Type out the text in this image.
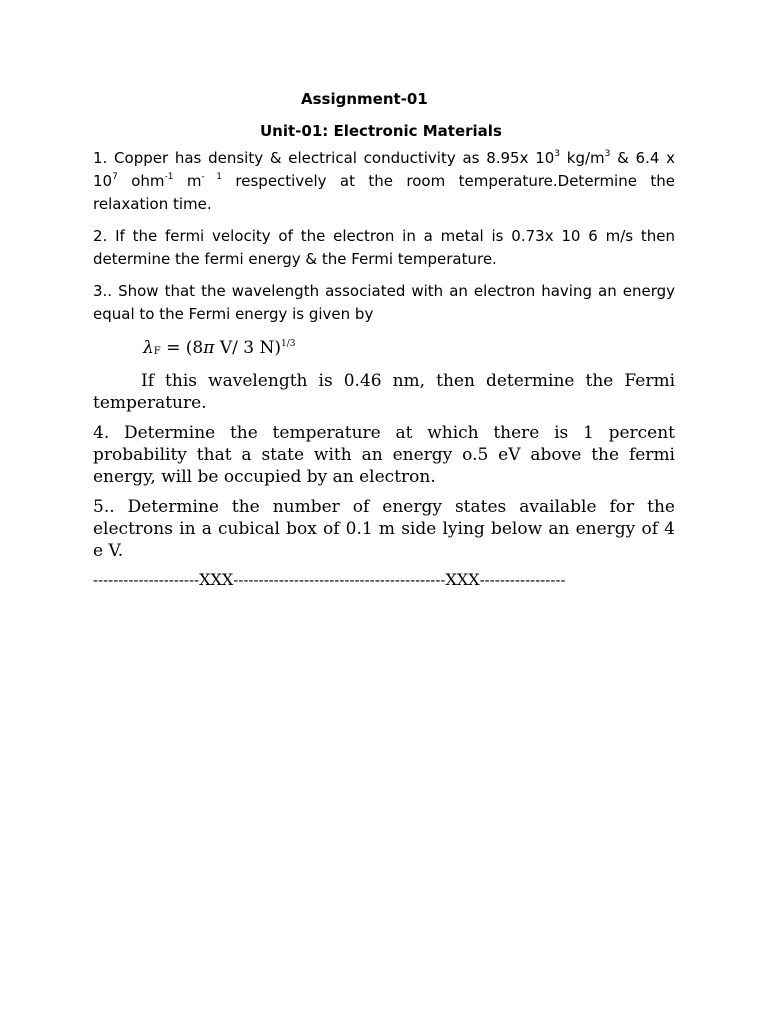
Assignment-01

Unit-01: Electronic Materials

1. Copper has density & electrical conductivity as 8.95x $10^3$ $kg/m^3$ & 6.4 x $10^7$ ohm$^{-1}$ $m^{- 1}$ respectively at the room temperature.Determine the relaxation time.

2. If the fermi velocity of the electron in a metal is 0.73x 10 6 m/s then determine the fermi energy & the Fermi temperature.

3.. Show that the wavelength associated with an electron having an energy equal to the Fermi energy is given by

λF = (8π V/ 3 N)$^{1/3}$

If this wavelength is 0.46 nm, then determine the Fermi temperature.

4. Determine the temperature at which there is 1 percent probability that a state with an energy o.5 eV above the fermi energy, will be occupied by an electron.

5.. Determine the number of energy states available for the electrons in a cubical box of 0.1 m side lying below an energy of 4 e V.

---------------------XXX------------------------------------------XXX-----------------
